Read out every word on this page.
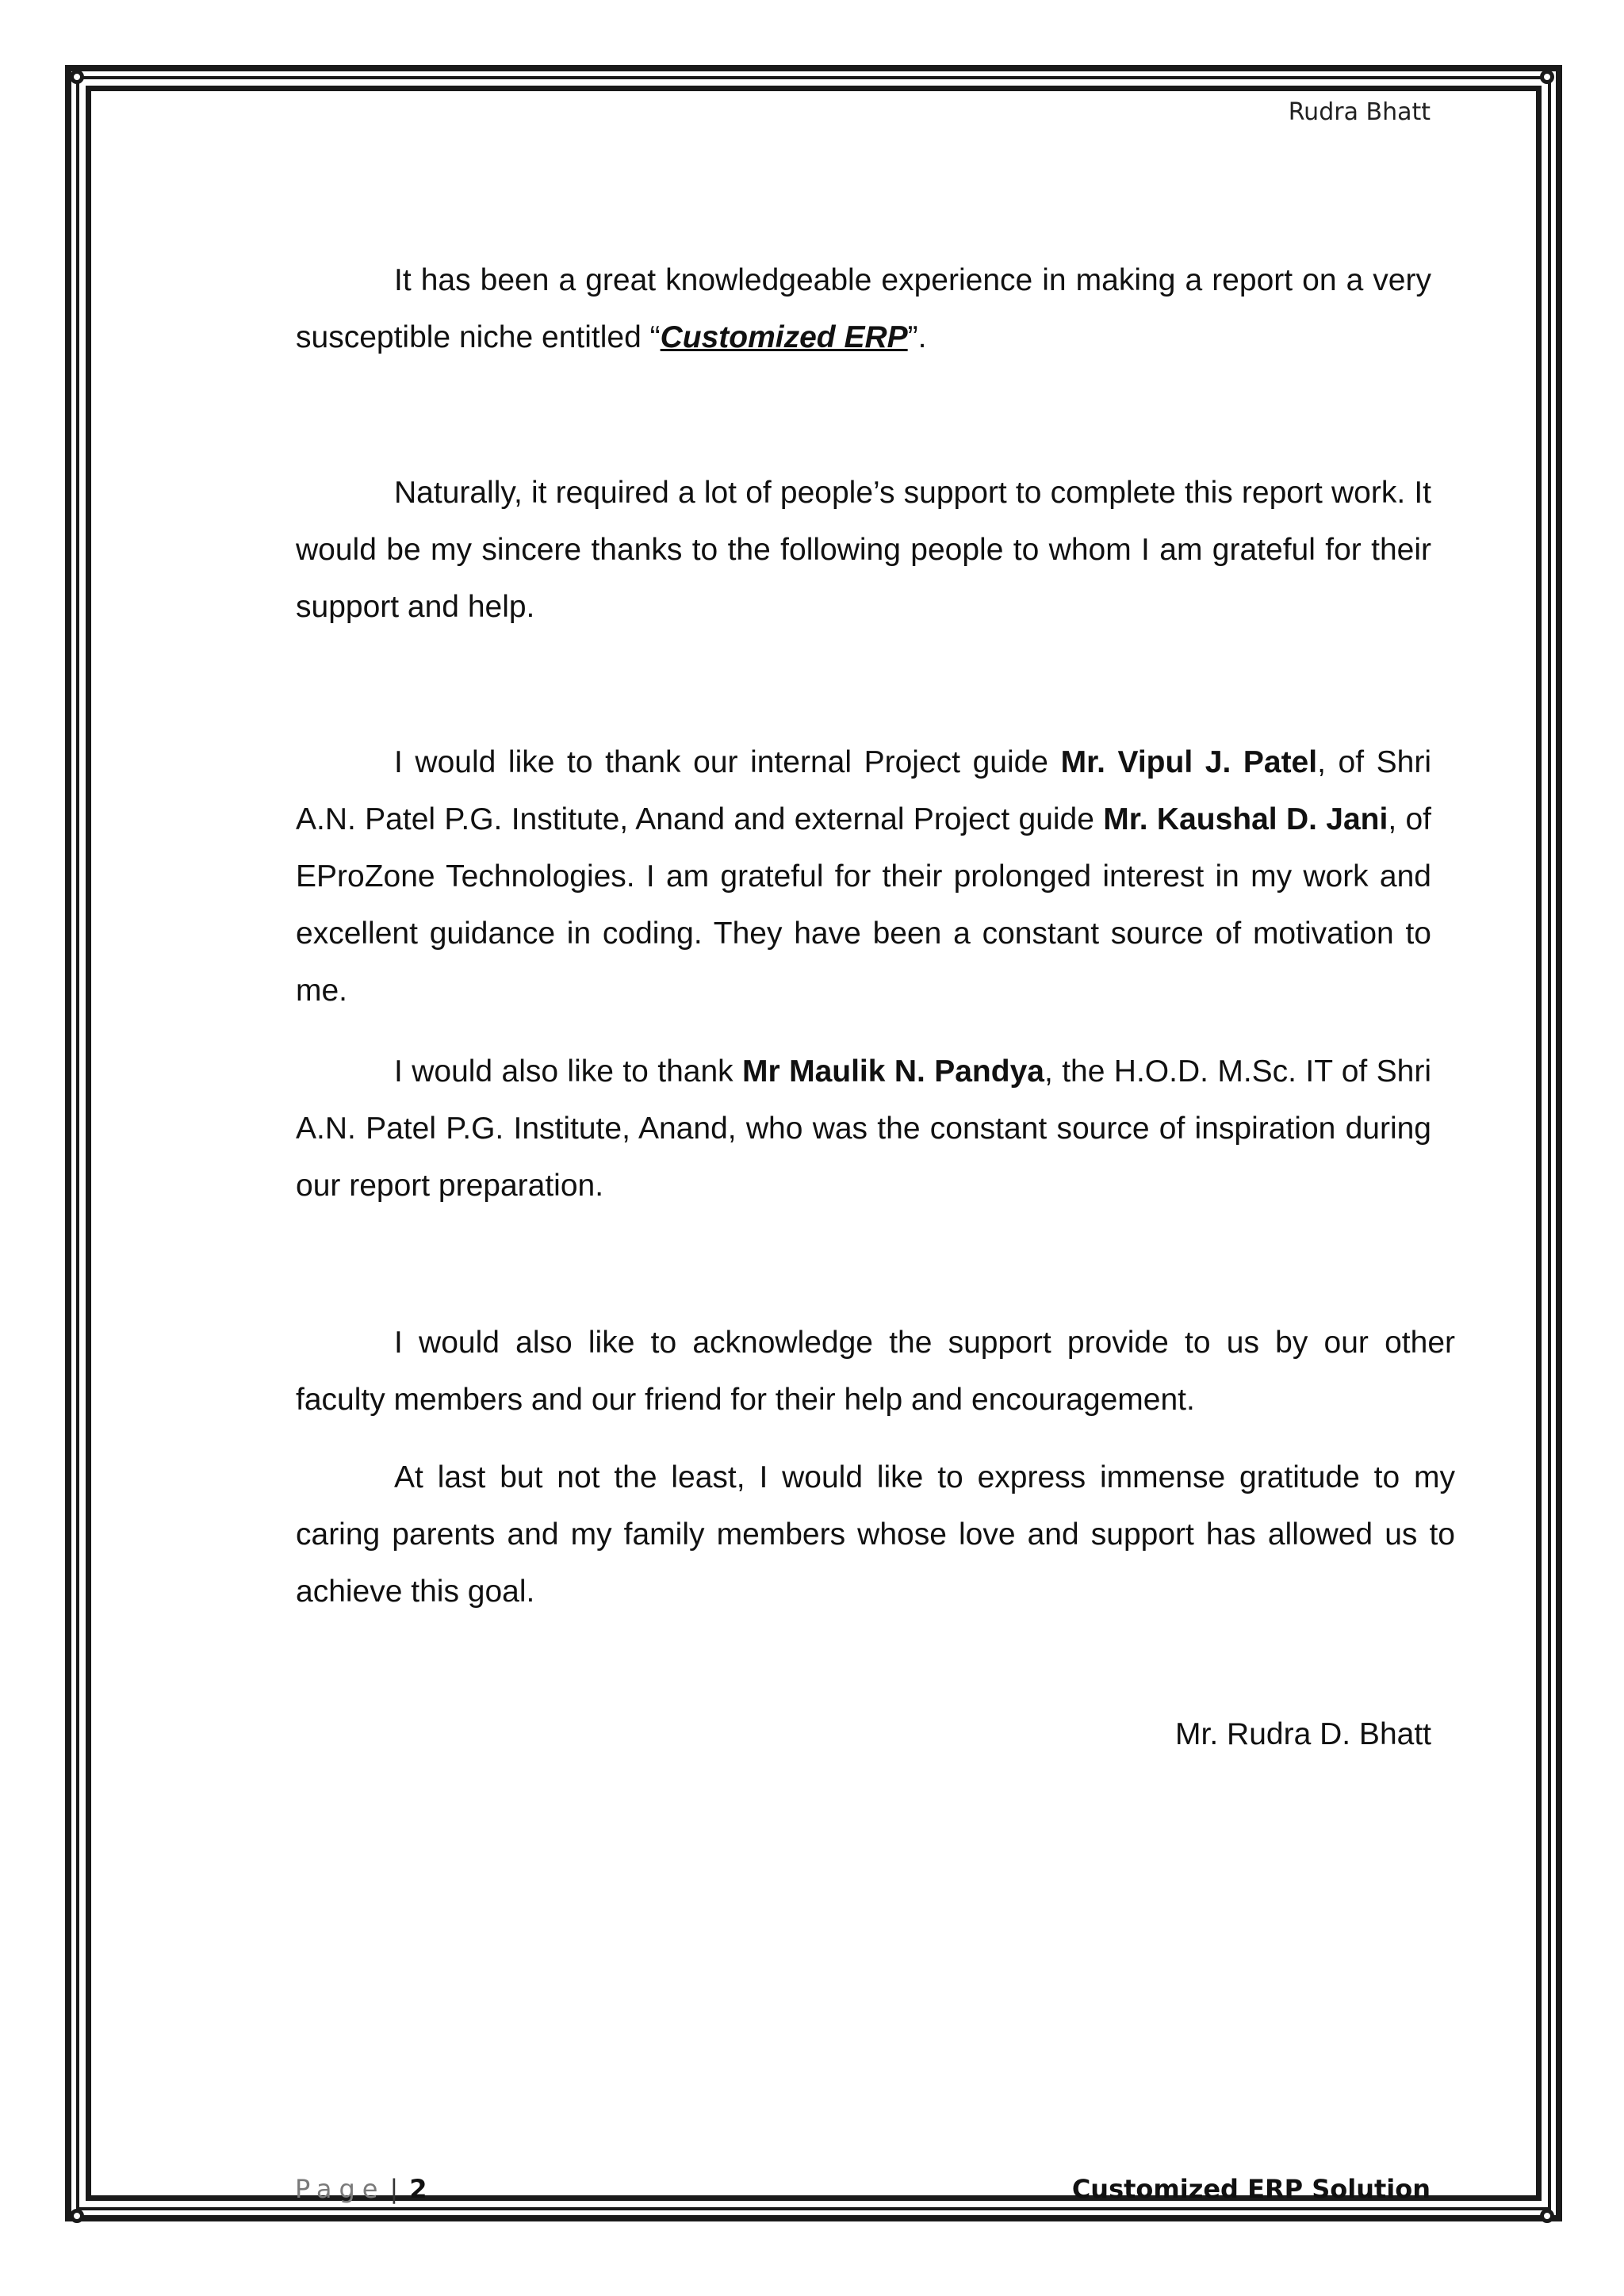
Rudra Bhatt

It has been a great knowledgeable experience in making a report on a very susceptible niche entitled “Customized ERP”.

Naturally, it required a lot of people’s support to complete this report work. It would be my sincere thanks to the following people to whom I am grateful for their support and help.

I would like to thank our internal Project guide Mr. Vipul J. Patel, of Shri A.N. Patel P.G. Institute, Anand and external Project guide Mr. Kaushal D. Jani, of EProZone Technologies. I am grateful for their prolonged interest in my work and excellent guidance in coding. They have been a constant source of motivation to me.

I would also like to thank Mr Maulik N. Pandya, the H.O.D. M.Sc. IT of Shri A.N. Patel P.G. Institute, Anand, who was the constant source of inspiration during our report preparation.

I would also like to acknowledge the support provide to us by our other faculty members and our friend for their help and encouragement.

At last but not the least, I would like to express immense gratitude to my caring parents and my family members whose love and support has allowed us to achieve this goal.

Mr. Rudra D. Bhatt

Page | 2	Customized ERP Solution
